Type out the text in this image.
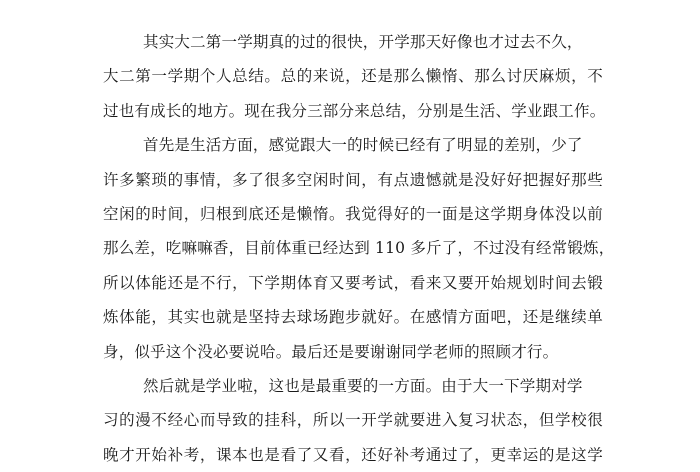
其实大二第一学期真的过的很快，开学那天好像也才过去不久，
大二第一学期个人总结。总的来说，还是那么懒惰、那么讨厌麻烦，不
过也有成长的地方。现在我分三部分来总结，分别是生活、学业跟工作。
首先是生活方面，感觉跟大一的时候已经有了明显的差别，少了
许多繁琐的事情，多了很多空闲时间，有点遗憾就是没好好把握好那些
空闲的时间，归根到底还是懒惰。我觉得好的一面是这学期身体没以前
那么差，吃嘛嘛香，目前体重已经达到 110 多斤了，不过没有经常锻炼，
所以体能还是不行，下学期体育又要考试，看来又要开始规划时间去锻
炼体能，其实也就是坚持去球场跑步就好。在感情方面吧，还是继续单
身，似乎这个没必要说哈。最后还是要谢谢同学老师的照顾才行。
然后就是学业啦，这也是最重要的一方面。由于大一下学期对学
习的漫不经心而导致的挂科，所以一开学就要进入复习状态，但学校很
晚才开始补考，课本也是看了又看，还好补考通过了，更幸运的是这学
